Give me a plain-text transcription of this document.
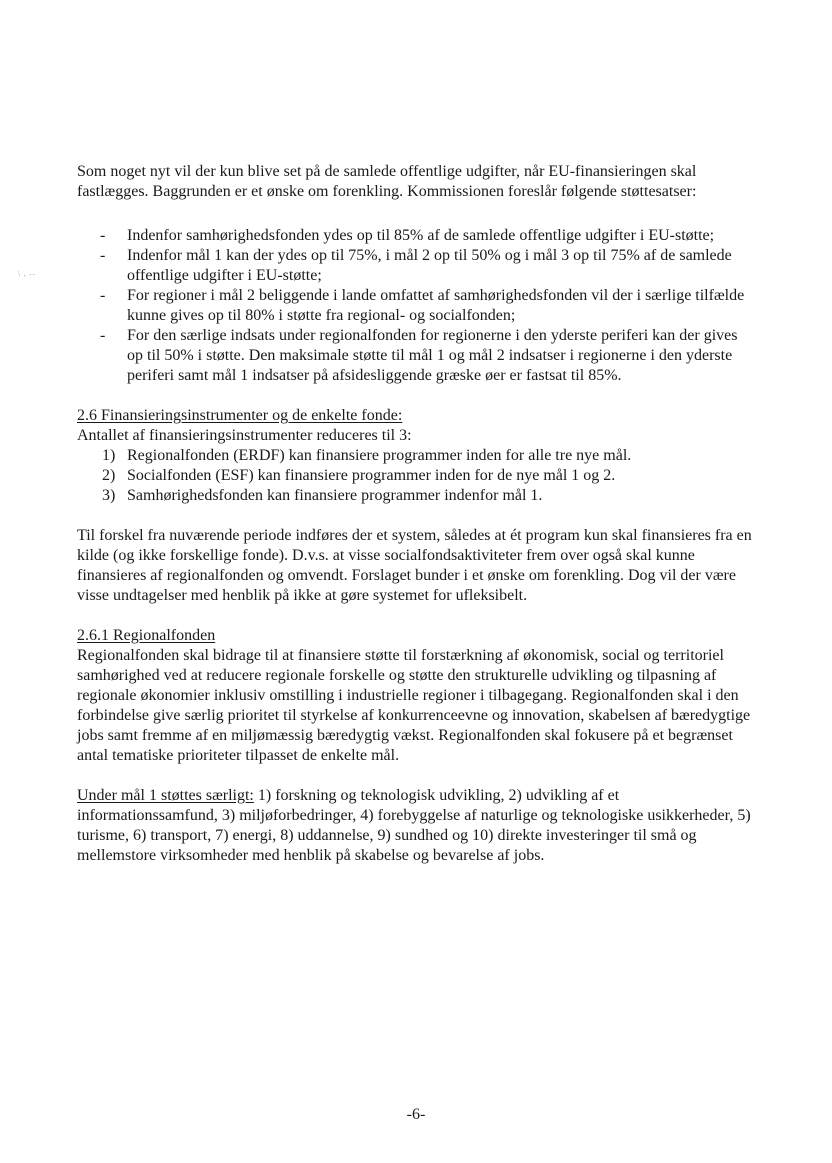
\ , --

Som noget nyt vil der kun blive set på de samlede offentlige udgifter, når EU-finansieringen skal fastlægges. Baggrunden er et ønske om forenkling. Kommissionen foreslår følgende støttesatser:

- Indenfor samhørighedsfonden ydes op til 85% af de samlede offentlige udgifter i EU-støtte;
- Indenfor mål 1 kan der ydes op til 75%, i mål 2 op til 50% og i mål 3 op til 75% af de samlede offentlige udgifter i EU-støtte;
- For regioner i mål 2 beliggende i lande omfattet af samhørighedsfonden vil der i særlige tilfælde kunne gives op til 80% i støtte fra regional- og socialfonden;
- For den særlige indsats under regionalfonden for regionerne i den yderste periferi kan der gives op til 50% i støtte. Den maksimale støtte til mål 1 og mål 2 indsatser i regionerne i den yderste periferi samt mål 1 indsatser på afsidesliggende græske øer er fastsat til 85%.

2.6 Finansieringsinstrumenter og de enkelte fonde:

Antallet af finansieringsinstrumenter reduceres til 3:

1) Regionalfonden (ERDF) kan finansiere programmer inden for alle tre nye mål.
2) Socialfonden (ESF) kan finansiere programmer inden for de nye mål 1 og 2.
3) Samhørighedsfonden kan finansiere programmer indenfor mål 1.

Til forskel fra nuværende periode indføres der et system, således at ét program kun skal finansieres fra en kilde (og ikke forskellige fonde). D.v.s. at visse socialfondsaktiviteter frem over også skal kunne finansieres af regionalfonden og omvendt. Forslaget bunder i et ønske om forenkling. Dog vil der være visse undtagelser med henblik på ikke at gøre systemet for ufleksibelt.

2.6.1 Regionalfonden

Regionalfonden skal bidrage til at finansiere støtte til forstærkning af økonomisk, social og territoriel samhørighed ved at reducere regionale forskelle og støtte den strukturelle udvikling og tilpasning af regionale økonomier inklusiv omstilling i industrielle regioner i tilbagegang. Regionalfonden skal i den forbindelse give særlig prioritet til styrkelse af konkurrenceevne og innovation, skabelsen af bæredygtige jobs samt fremme af en miljømæssig bæredygtig vækst. Regionalfonden skal fokusere på et begrænset antal tematiske prioriteter tilpasset de enkelte mål.

Under mål 1 støttes særligt: 1) forskning og teknologisk udvikling, 2) udvikling af et informationssamfund, 3) miljøforbedringer, 4) forebyggelse af naturlige og teknologiske usikkerheder, 5) turisme, 6) transport, 7) energi, 8) uddannelse, 9) sundhed og 10) direkte investeringer til små og mellemstore virksomheder med henblik på skabelse og bevarelse af jobs.

-6-
